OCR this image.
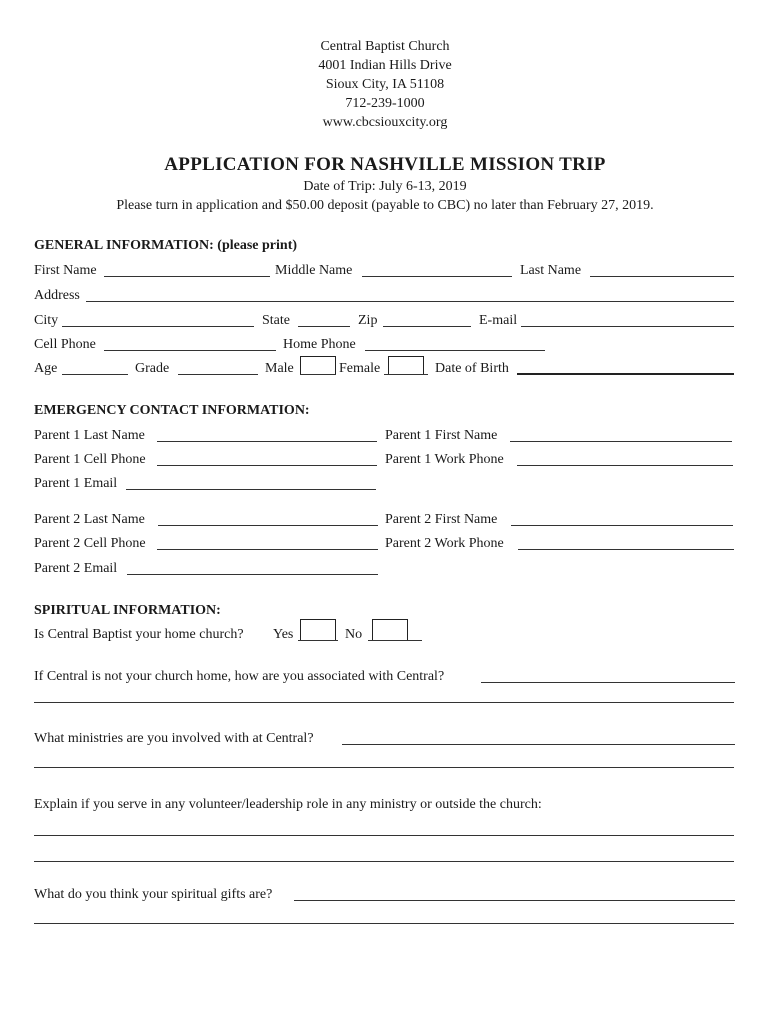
Central Baptist Church
4001 Indian Hills Drive
Sioux City, IA 51108
712-239-1000
www.cbcsiouxcity.org
APPLICATION FOR NASHVILLE MISSION TRIP
Date of Trip: July 6-13, 2019
Please turn in application and $50.00 deposit (payable to CBC) no later than February 27, 2019.
GENERAL INFORMATION: (please print)
First Name	Middle Name	Last Name
Address
City	State	Zip	E-mail
Cell Phone	Home Phone
Age	Grade	Male	Female	Date of Birth
EMERGENCY CONTACT INFORMATION:
Parent 1 Last Name	Parent 1 First Name
Parent 1 Cell Phone	Parent 1 Work Phone
Parent 1 Email
Parent 2 Last Name	Parent 2 First Name
Parent 2 Cell Phone	Parent 2 Work Phone
Parent 2 Email
SPIRITUAL INFORMATION:
Is Central Baptist your home church? Yes	No
If Central is not your church home, how are you associated with Central?
What ministries are you involved with at Central?
Explain if you serve in any volunteer/leadership role in any ministry or outside the church:
What do you think your spiritual gifts are?
